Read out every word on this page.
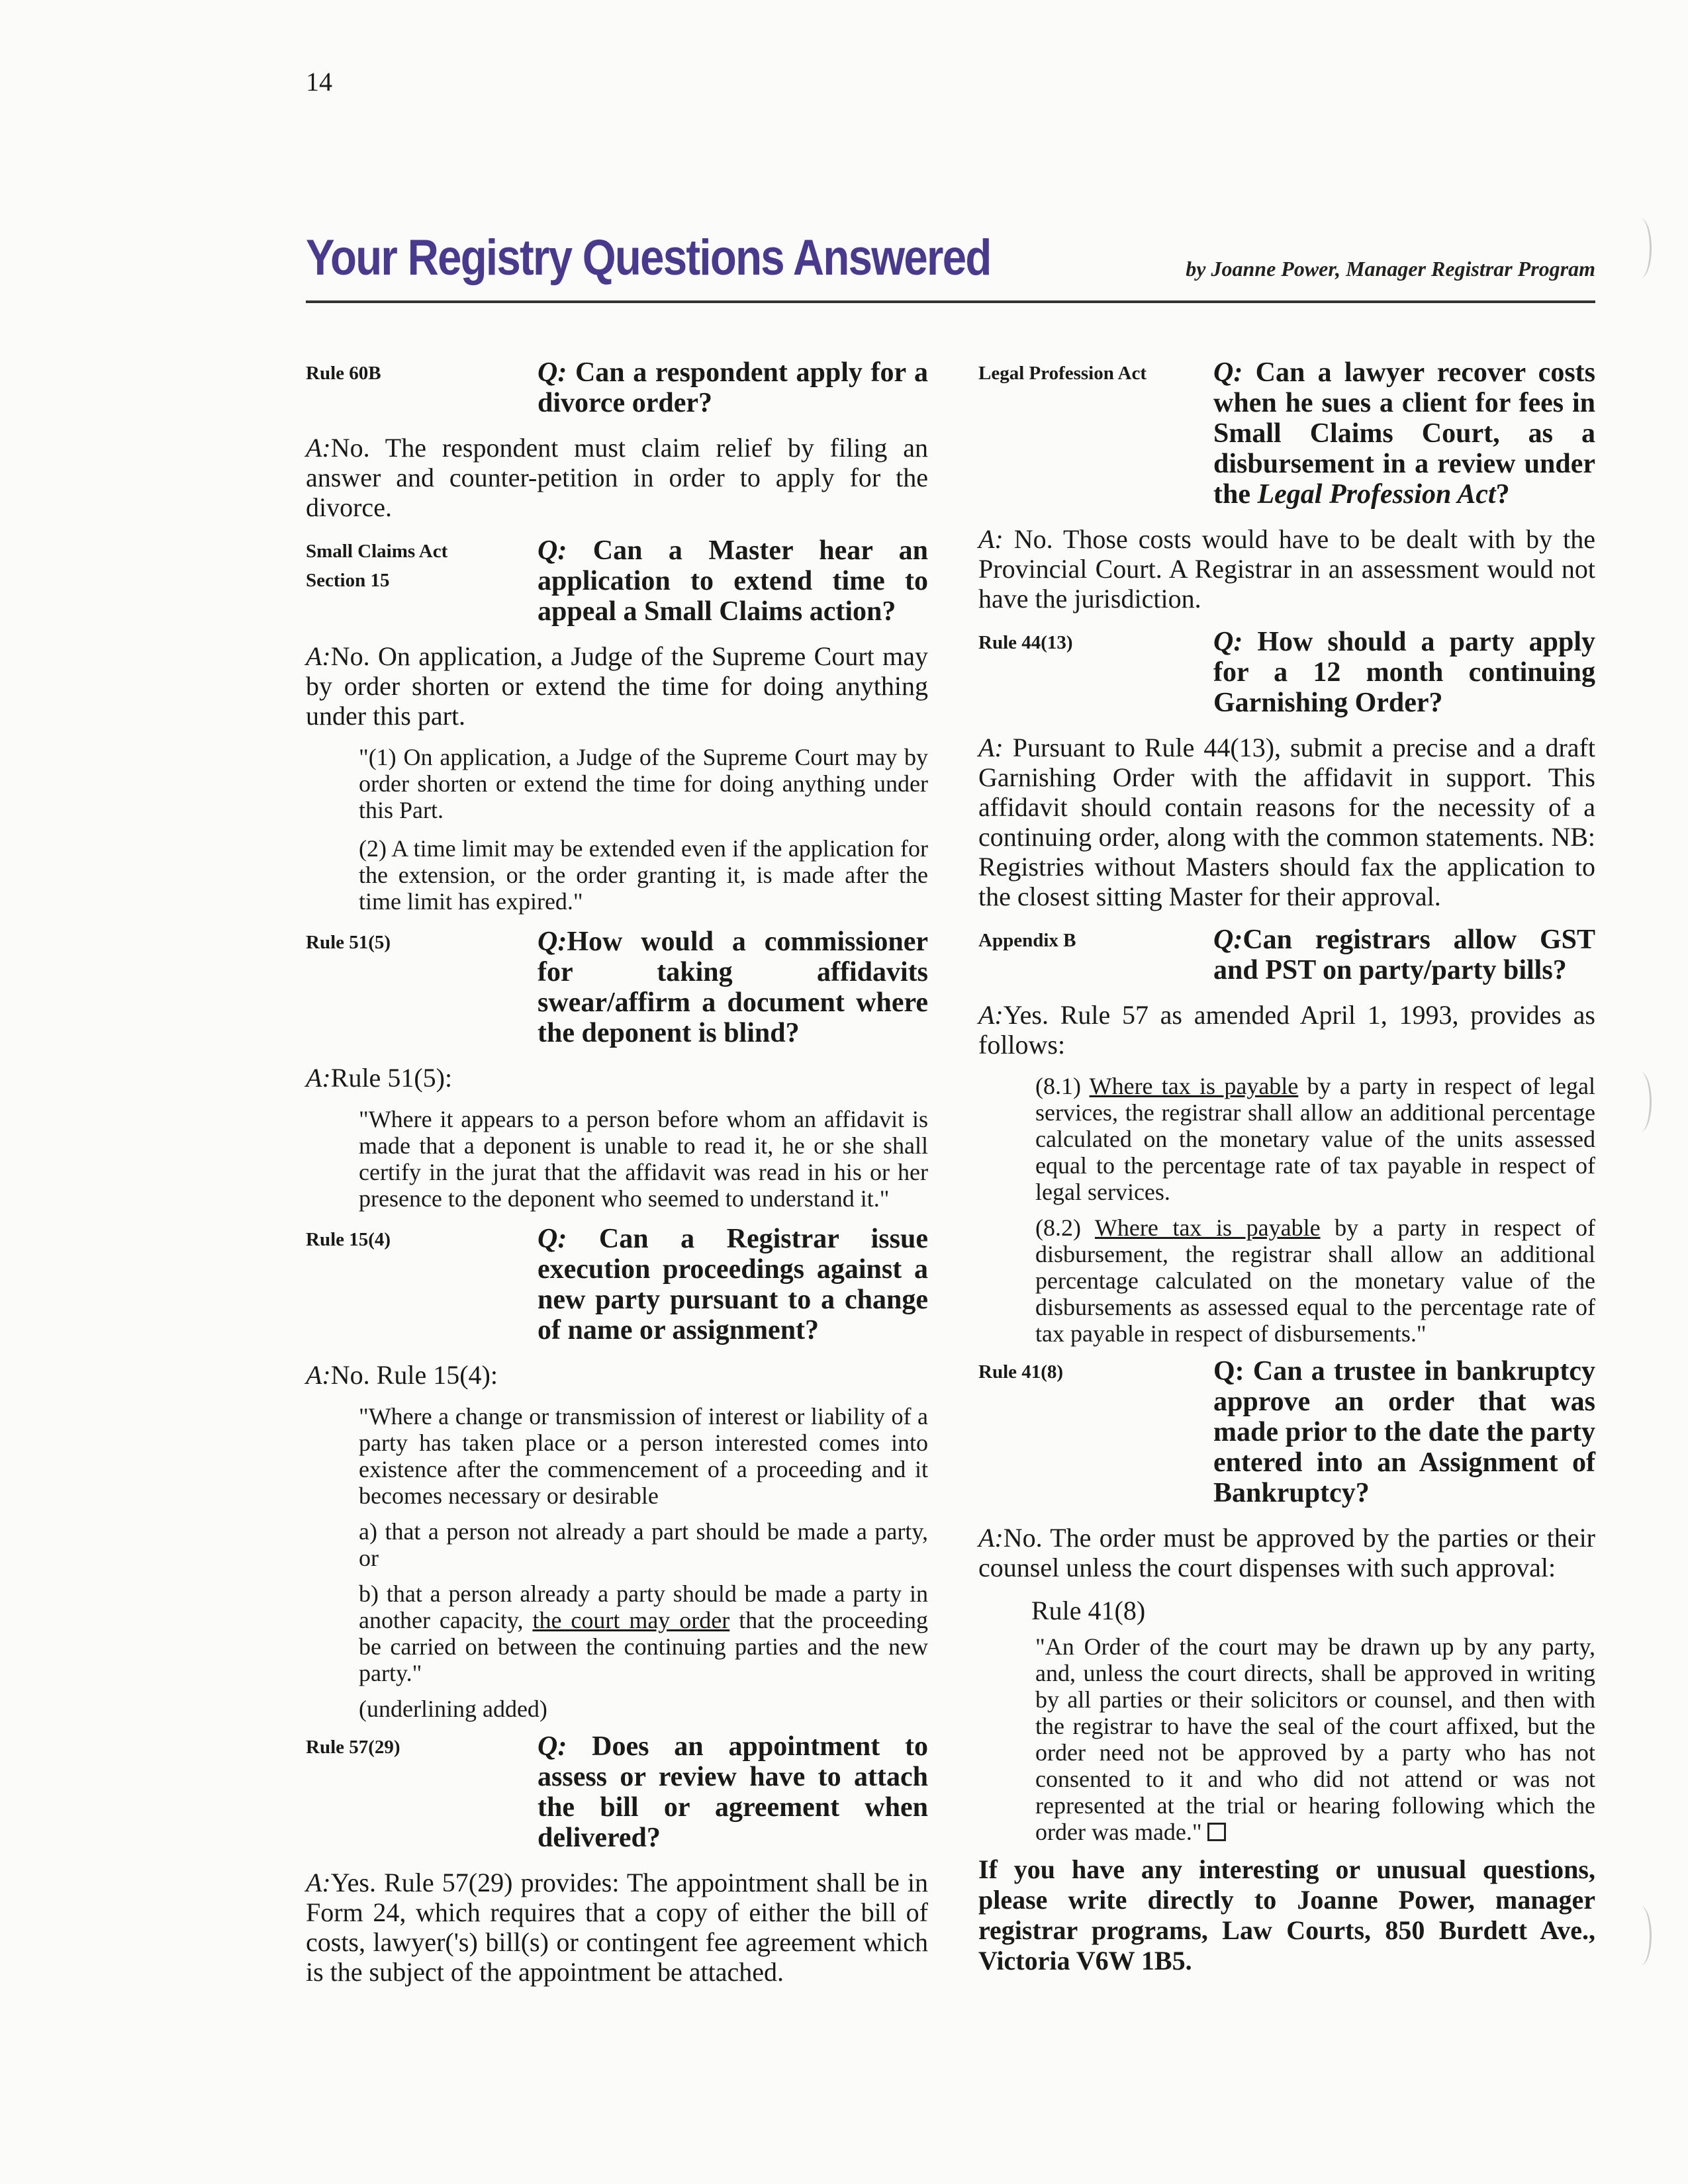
14
Your Registry Questions Answered	by Joanne Power, Manager Registrar Program
Rule 60B	Q: Can a respondent apply for a divorce order?

A:No. The respondent must claim relief by filing an answer and counter-petition in order to apply for the divorce.

Small Claims Act
Section 15
Q: Can a Master hear an application to extend time to appeal a Small Claims action?

A:No. On application, a Judge of the Supreme Court may by order shorten or extend the time for doing anything under this part.

"(1) On application, a Judge of the Supreme Court may by order shorten or extend the time for doing anything under this Part.

(2) A time limit may be extended even if the application for the extension, or the order granting it, is made after the time limit has expired."

Rule 51(5)	Q:How would a commissioner for taking affidavits swear/affirm a document where the deponent is blind?

A:Rule 51(5):

"Where it appears to a person before whom an affidavit is made that a deponent is unable to read it, he or she shall certify in the jurat that the affidavit was read in his or her presence to the deponent who seemed to understand it."

Rule 15(4)	Q: Can a Registrar issue execution proceedings against a new party pursuant to a change of name or assignment?

A:No. Rule 15(4):

"Where a change or transmission of interest or liability of a party has taken place or a person interested comes into existence after the commencement of a proceeding and it becomes necessary or desirable

a) that a person not already a part should be made a party, or

b) that a person already a party should be made a party in another capacity, the court may order that the proceeding be carried on between the continuing parties and the new party."

(underlining added)

Rule 57(29)	Q: Does an appointment to assess or review have to attach the bill or agreement when delivered?

A:Yes. Rule 57(29) provides: The appointment shall be in Form 24, which requires that a copy of either the bill of costs, lawyer('s) bill(s) or contingent fee agreement which is the subject of the appointment be attached.

Legal Profession Act	Q: Can a lawyer recover costs when he sues a client for fees in Small Claims Court, as a disbursement in a review under the Legal Profession Act?

A: No. Those costs would have to be dealt with by the Provincial Court. A Registrar in an assessment would not have the jurisdiction.

Rule 44(13)	Q: How should a party apply for a 12 month continuing Garnishing Order?

A: Pursuant to Rule 44(13), submit a precise and a draft Garnishing Order with the affidavit in support. This affidavit should contain reasons for the necessity of a continuing order, along with the common statements. NB: Registries without Masters should fax the application to the closest sitting Master for their approval.

Appendix B	Q:Can registrars allow GST and PST on party/party bills?

A:Yes. Rule 57 as amended April 1, 1993, provides as follows:

(8.1) Where tax is payable by a party in respect of legal services, the registrar shall allow an additional percentage calculated on the monetary value of the units assessed equal to the percentage rate of tax payable in respect of legal services.

(8.2) Where tax is payable by a party in respect of disbursement, the registrar shall allow an additional percentage calculated on the monetary value of the disbursements as assessed equal to the percentage rate of tax payable in respect of disbursements."

Rule 41(8)	Q: Can a trustee in bankruptcy approve an order that was made prior to the date the party entered into an Assignment of Bankruptcy?

A:No. The order must be approved by the parties or their counsel unless the court dispenses with such approval:

Rule 41(8)

"An Order of the court may be drawn up by any party, and, unless the court directs, shall be approved in writing by all parties or their solicitors or counsel, and then with the registrar to have the seal of the court affixed, but the order need not be approved by a party who has not consented to it and who did not attend or was not represented at the trial or hearing following which the order was made."

If you have any interesting or unusual questions, please write directly to Joanne Power, manager registrar programs, Law Courts, 850 Burdett Ave., Victoria V6W 1B5.
